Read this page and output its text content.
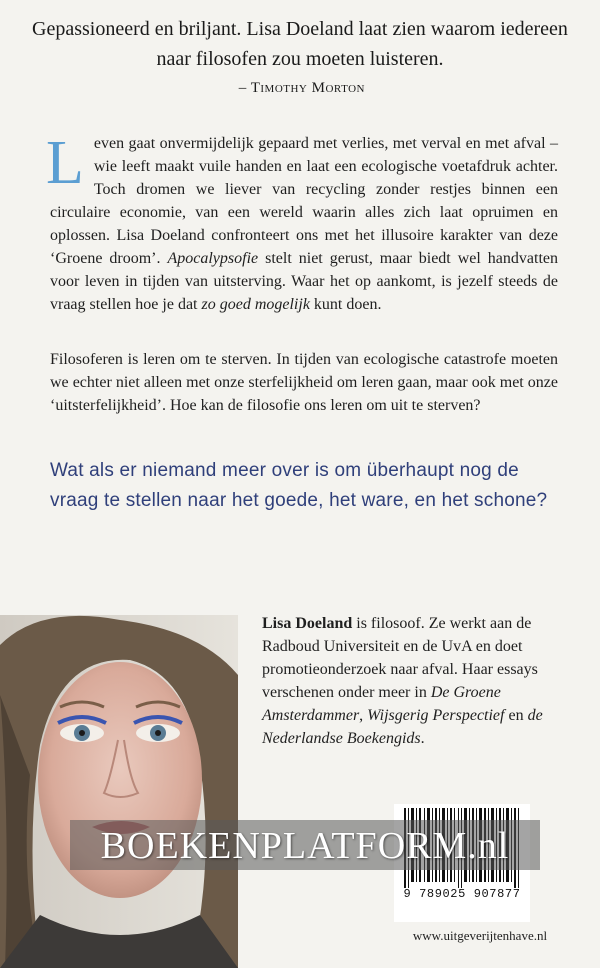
Gepassioneerd en briljant. Lisa Doeland laat zien waarom iedereen naar filosofen zou moeten luisteren.
– Timothy Morton
Leven gaat onvermijdelijk gepaard met verlies, met verval en met afval – wie leeft maakt vuile handen en laat een ecologische voetafdruk achter. Toch dromen we liever van recycling zonder restjes binnen een circulaire economie, van een wereld waarin alles zich laat opruimen en oplossen. Lisa Doeland confronteert ons met het illusoire karakter van deze ‘Groene droom’. Apocalypsofie stelt niet gerust, maar biedt wel handvatten voor leven in tijden van uitsterving. Waar het op aankomt, is jezelf steeds de vraag stellen hoe je dat zo goed mogelijk kunt doen.
Filosoferen is leren om te sterven. In tijden van ecologische catastrofe moeten we echter niet alleen met onze sterfelijkheid om leren gaan, maar ook met onze ‘uitsterfelijkheid’. Hoe kan de filosofie ons leren om uit te sterven?
Wat als er niemand meer over is om überhaupt nog de vraag te stellen naar het goede, het ware, en het schone?
Lisa Doeland is filosoof. Ze werkt aan de Radboud Universiteit en de UvA en doet promotieonderzoek naar afval. Haar essays verschenen onder meer in De Groene Amsterdammer, Wijsgerig Perspectief en de Nederlandse Boekengids.
9 789025 907877
BOEKENPLATFORM.nl
www.uitgeverijtenhave.nl
